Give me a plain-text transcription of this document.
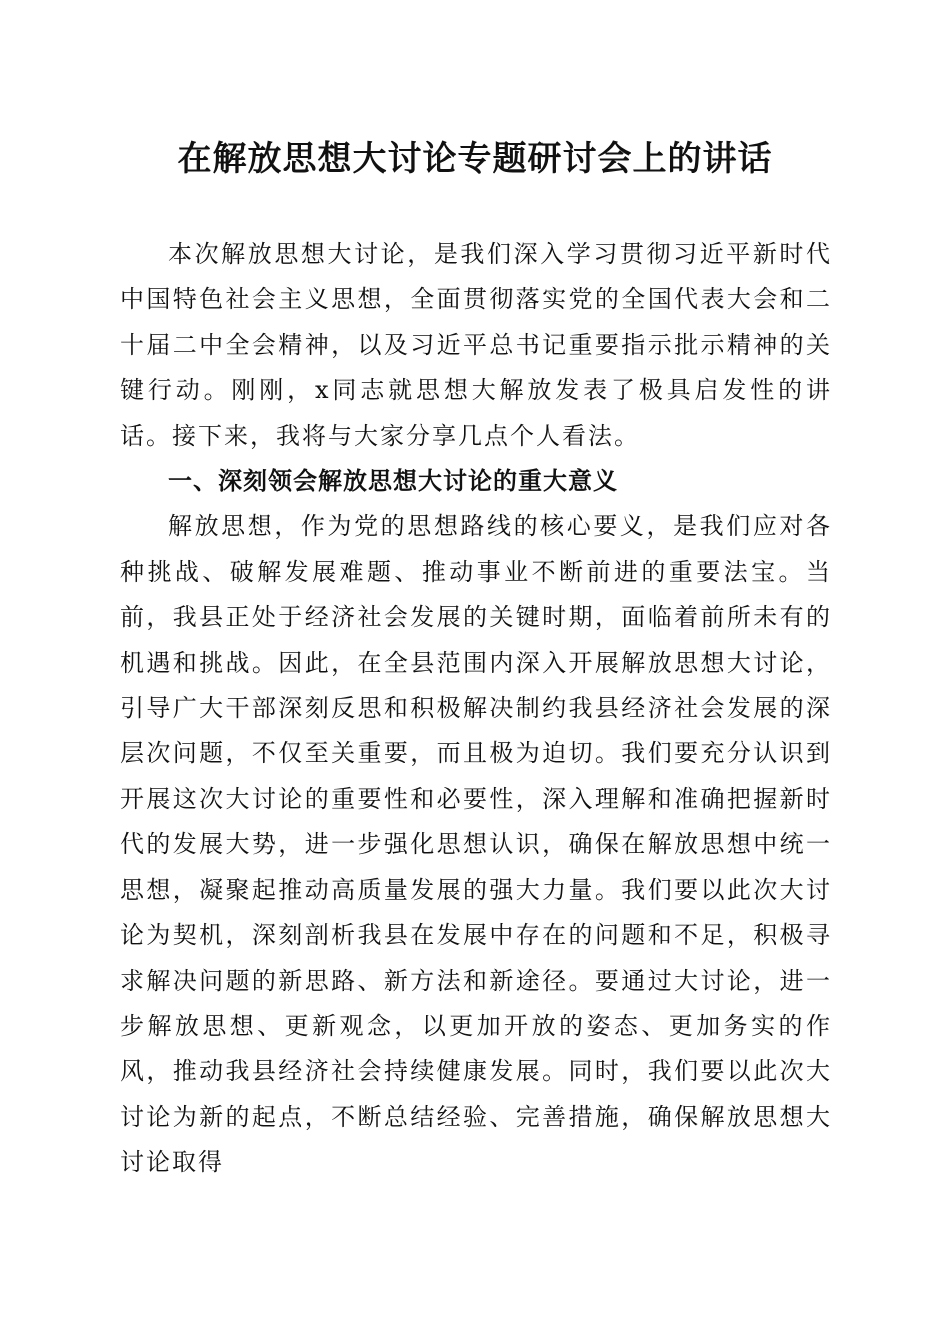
在解放思想大讨论专题研讨会上的讲话

本次解放思想大讨论，是我们深入学习贯彻习近平新时代中国特色社会主义思想，全面贯彻落实党的全国代表大会和二十届二中全会精神，以及习近平总书记重要指示批示精神的关键行动。刚刚，x同志就思想大解放发表了极具启发性的讲话。接下来，我将与大家分享几点个人看法。

一、深刻领会解放思想大讨论的重大意义

解放思想，作为党的思想路线的核心要义，是我们应对各种挑战、破解发展难题、推动事业不断前进的重要法宝。当前，我县正处于经济社会发展的关键时期，面临着前所未有的机遇和挑战。因此，在全县范围内深入开展解放思想大讨论，引导广大干部深刻反思和积极解决制约我县经济社会发展的深层次问题，不仅至关重要，而且极为迫切。我们要充分认识到开展这次大讨论的重要性和必要性，深入理解和准确把握新时代的发展大势，进一步强化思想认识，确保在解放思想中统一思想，凝聚起推动高质量发展的强大力量。我们要以此次大讨论为契机，深刻剖析我县在发展中存在的问题和不足，积极寻求解决问题的新思路、新方法和新途径。要通过大讨论，进一步解放思想、更新观念，以更加开放的姿态、更加务实的作风，推动我县经济社会持续健康发展。同时，我们要以此次大讨论为新的起点，不断总结经验、完善措施，确保解放思想大讨论取得
